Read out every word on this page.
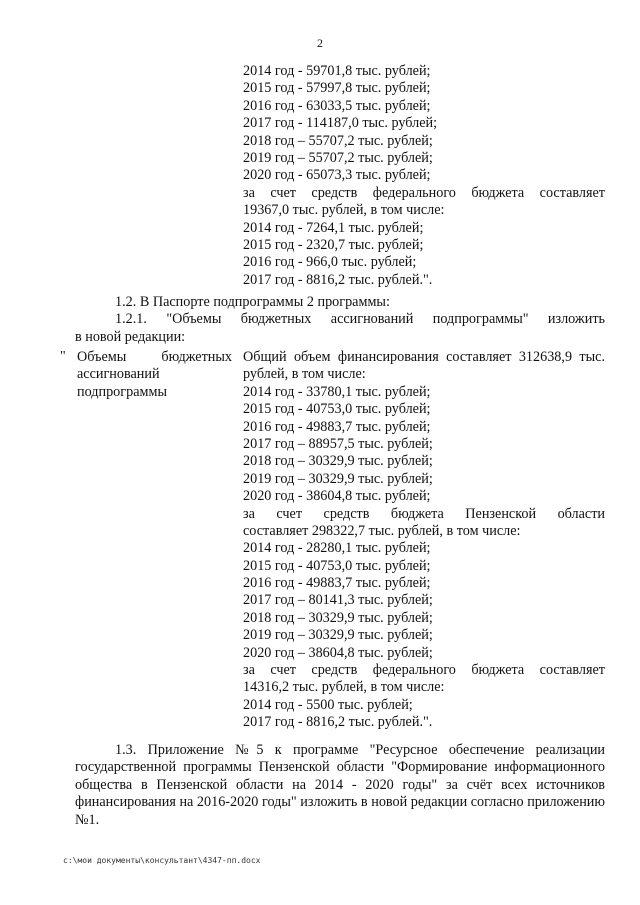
2
2014 год - 59701,8 тыс. рублей;
2015 год - 57997,8 тыс. рублей;
2016 год - 63033,5 тыс. рублей;
2017 год - 114187,0 тыс. рублей;
2018 год – 55707,2 тыс. рублей;
2019 год – 55707,2 тыс. рублей;
2020 год - 65073,3 тыс. рублей;
за счет средств федерального бюджета составляет
19367,0 тыс. рублей, в том числе:
2014 год - 7264,1 тыс. рублей;
2015 год - 2320,7 тыс. рублей;
2016 год - 966,0 тыс. рублей;
2017 год - 8816,2 тыс. рублей.".
1.2. В Паспорте подпрограммы 2 программы:
1.2.1. "Объемы бюджетных ассигнований подпрограммы" изложить
в новой редакции:
" Объемы бюджетных
ассигнований
подпрограммы
Общий объем финансирования составляет 312638,9 тыс.
рублей, в том числе:
2014 год - 33780,1 тыс. рублей;
2015 год - 40753,0 тыс. рублей;
2016 год - 49883,7 тыс. рублей;
2017 год – 88957,5 тыс. рублей;
2018 год – 30329,9 тыс. рублей;
2019 год – 30329,9 тыс. рублей;
2020 год - 38604,8 тыс. рублей;
за счет средств бюджета Пензенской области
составляет 298322,7 тыс. рублей, в том числе:
2014 год - 28280,1 тыс. рублей;
2015 год - 40753,0 тыс. рублей;
2016 год - 49883,7 тыс. рублей;
2017 год – 80141,3 тыс. рублей;
2018 год – 30329,9 тыс. рублей;
2019 год – 30329,9 тыс. рублей;
2020 год – 38604,8 тыс. рублей;
за счет средств федерального бюджета составляет
14316,2 тыс. рублей, в том числе:
2014 год - 5500 тыс. рублей;
2017 год - 8816,2 тыс. рублей.".
1.3. Приложение №5 к программе "Ресурсное обеспечение реализации государственной программы Пензенской области "Формирование информационного общества в Пензенской области на 2014 - 2020 годы" за счёт всех источников финансирования на 2016-2020 годы" изложить в новой редакции согласно приложению №1.
c:\мои документы\консультант\4347-пп.docx
